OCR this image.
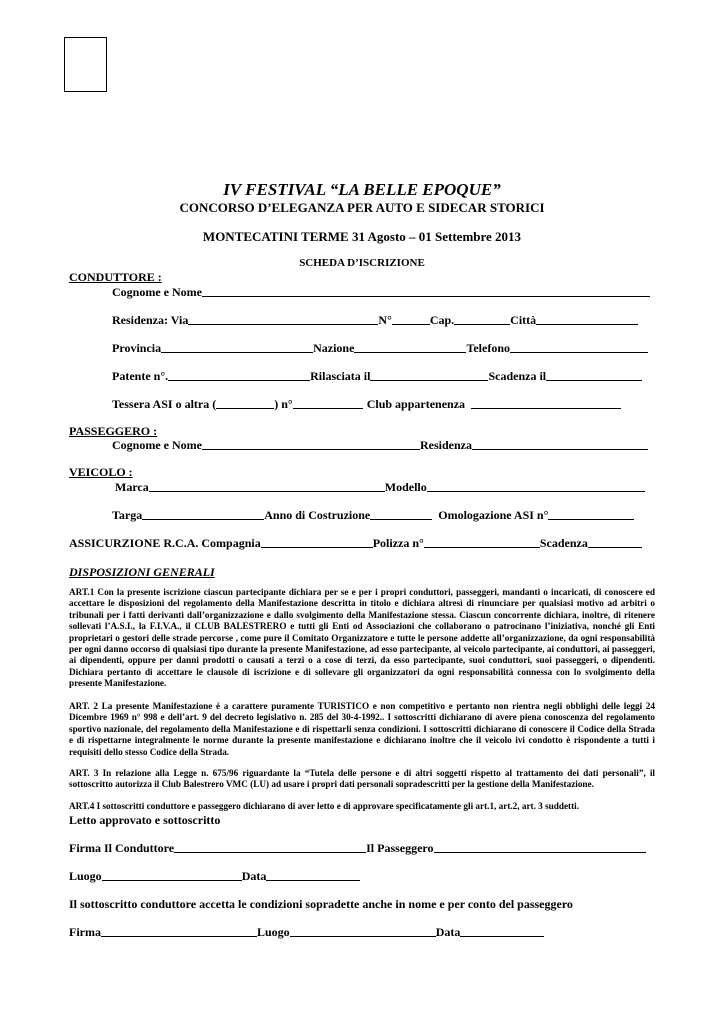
IV FESTIVAL “LA BELLE EPOQUE”
CONCORSO D’ELEGANZA PER AUTO E SIDECAR STORICI
MONTECATINI TERME 31 Agosto – 01 Settembre 2013
SCHEDA D’ISCRIZIONE
CONDUTTORE :
Cognome e Nome
Residenza: Via	N°	Cap.	Città
Provincia	Nazione	Telefono
Patente n°.	Rilasciata il	Scadenza il
Tessera ASI o altra (	) n°	Club appartenenza
PASSEGGERO :
Cognome e Nome	Residenza
VEICOLO :
Marca	Modello
Targa	Anno di Costruzione	Omologazione ASI n°
ASSICURZIONE R.C.A. Compagnia	Polizza n°	Scadenza
DISPOSIZIONI GENERALI
ART.1 Con la presente iscrizione ciascun partecipante dichiara per se e per i propri conduttori, passeggeri, mandanti o incaricati, di conoscere ed accettare le disposizioni del regolamento della Manifestazione descritta in titolo e dichiara altresì di rinunciare per qualsiasi motivo ad arbitri o tribunali per i fatti derivanti dall’organizzazione e dallo svolgimento della Manifestazione stessa. Ciascun concorrente dichiara, inoltre, di ritenere sollevati l’A.S.I., la F.I.V.A., il CLUB BALESTRERO e tutti gli Enti od Associazioni che collaborano o patrocinano l’iniziativa, nonché gli Enti proprietari o gestori delle strade percorse , come pure il Comitato Organizzatore e tutte le persone addette all’organizzazione, da ogni responsabilità per ogni danno occorso di qualsiasi tipo durante la presente Manifestazione, ad esso partecipante, al veicolo partecipante, ai conduttori, ai passeggeri, ai dipendenti, oppure per danni prodotti o causati a terzi o a cose di terzi, da esso partecipante, suoi conduttori, suoi passeggeri, o dipendenti. Dichiara pertanto di accettare le clausole di iscrizione e di sollevare gli organizzatori da ogni responsabilità connessa con lo svolgimento della presente Manifestazione.
ART. 2 La presente Manifestazione è a carattere puramente TURISTICO e non competitivo e pertanto non rientra negli obblighi delle leggi 24 Dicembre 1969 n° 998 e dell’art. 9 del decreto legislativo n. 285 del 30-4-1992.. I sottoscritti dichiarano di avere piena conoscenza del regolamento sportivo nazionale, del regolamento della Manifestazione e di rispettarli senza condizioni. I sottoscritti dichiarano di conoscere il Codice della Strada e di rispettarne integralmente le norme durante la presente manifestazione e dichiarano inoltre che il veicolo ivi condotto è rispondente a tutti i requisiti dello stesso Codice della Strada.
ART. 3 In relazione alla Legge n. 675/96 riguardante la “Tutela delle persone e di altri soggetti rispetto al trattamento dei dati personali”, il sottoscritto autorizza il Club Balestrero VMC (LU) ad usare i propri dati personali sopradescritti per la gestione della Manifestazione.
ART.4 I sottoscritti conduttore e passeggero dichiarano di aver letto e di approvare specificatamente gli art.1, art.2, art. 3 suddetti.
Letto approvato e sottoscritto
Firma Il Conduttore	Il Passeggero
Luogo	Data
Il sottoscritto conduttore accetta le condizioni sopradette anche in nome e per conto del passeggero
Firma	Luogo	Data
